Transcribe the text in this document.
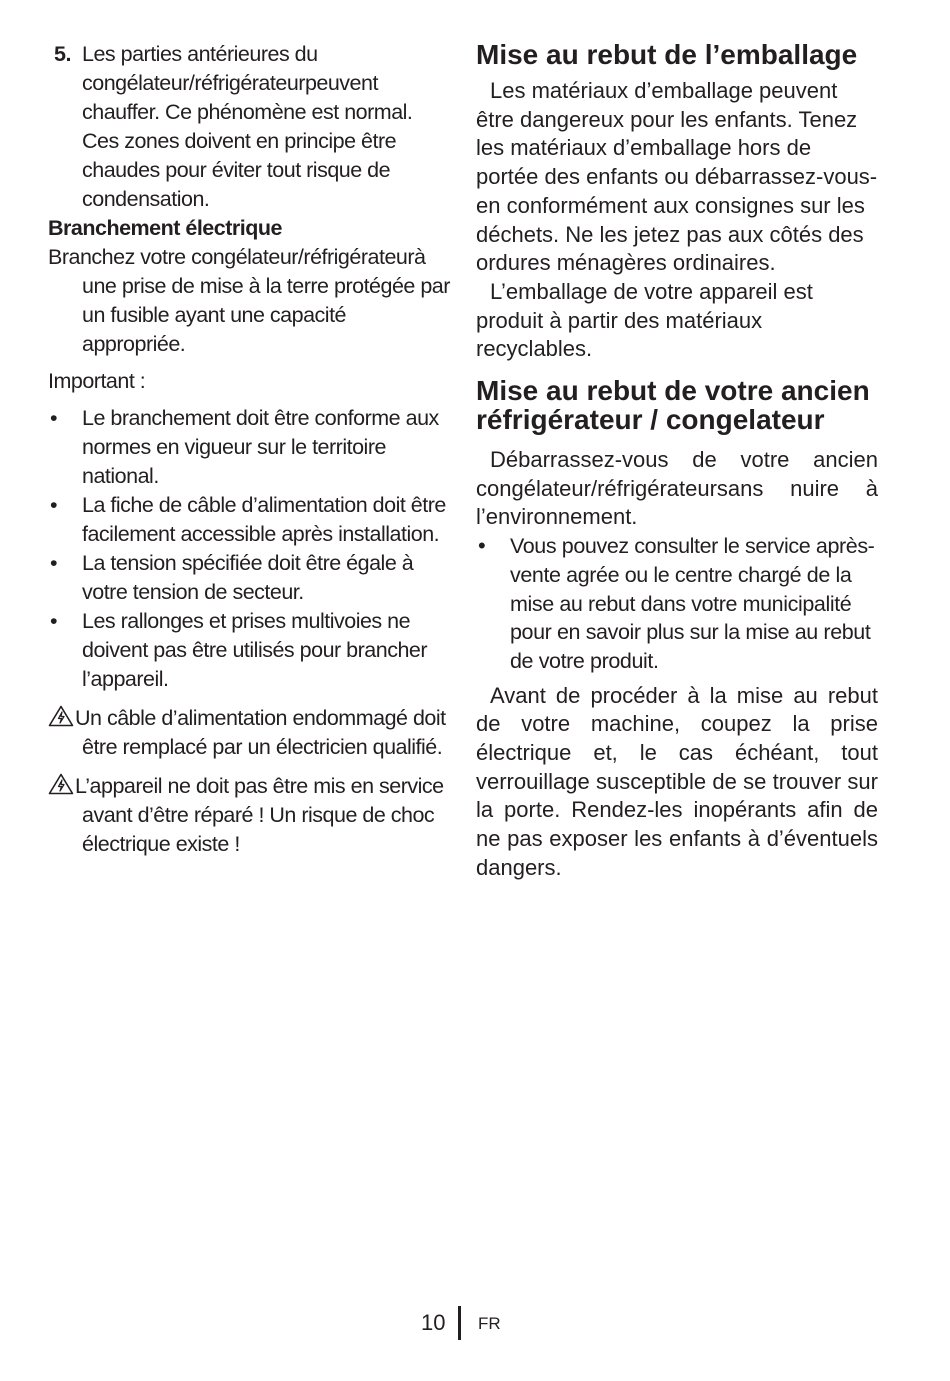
5. Les parties antérieures du congélateur/réfrigérateurpeuvent chauffer. Ce phénomène est normal. Ces zones doivent en principe être chaudes pour éviter tout risque de condensation.

Branchement électrique

Branchez votre congélateur/réfrigérateurà une prise de mise à la terre protégée par un fusible ayant une capacité appropriée.

Important :

• Le branchement doit être conforme aux normes en vigueur sur le territoire national.
• La fiche de câble d’alimentation doit être facilement accessible après installation.
• La tension spécifiée doit être égale à votre tension de secteur.
• Les rallonges et prises multivoies ne doivent pas être utilisés pour brancher l’appareil.

Un câble d’alimentation endommagé doit être remplacé par un électricien qualifié.

L’appareil ne doit pas être mis en service avant d’être réparé ! Un risque de choc électrique existe !

Mise au rebut de l’emballage

Les matériaux d’emballage peuvent être dangereux pour les enfants. Tenez les matériaux d’emballage hors de portée des enfants ou débarrassez-vous-en conformément aux consignes sur les déchets. Ne les jetez pas aux côtés des ordures ménagères ordinaires.

L’emballage de votre appareil est produit à partir des matériaux recyclables.

Mise au rebut de votre ancien réfrigérateur / congelateur

Débarrassez-vous de votre ancien congélateur/réfrigérateursans nuire à l’environnement.

• Vous pouvez consulter le service après-vente agrée ou le centre chargé de la mise au rebut dans votre municipalité pour en savoir plus sur la mise au rebut de votre produit.

Avant de procéder à la mise au rebut de votre machine, coupez la prise électrique et, le cas échéant, tout verrouillage susceptible de se trouver sur la porte. Rendez-les inopérants afin de ne pas exposer les enfants à d’éventuels dangers.

10 FR
